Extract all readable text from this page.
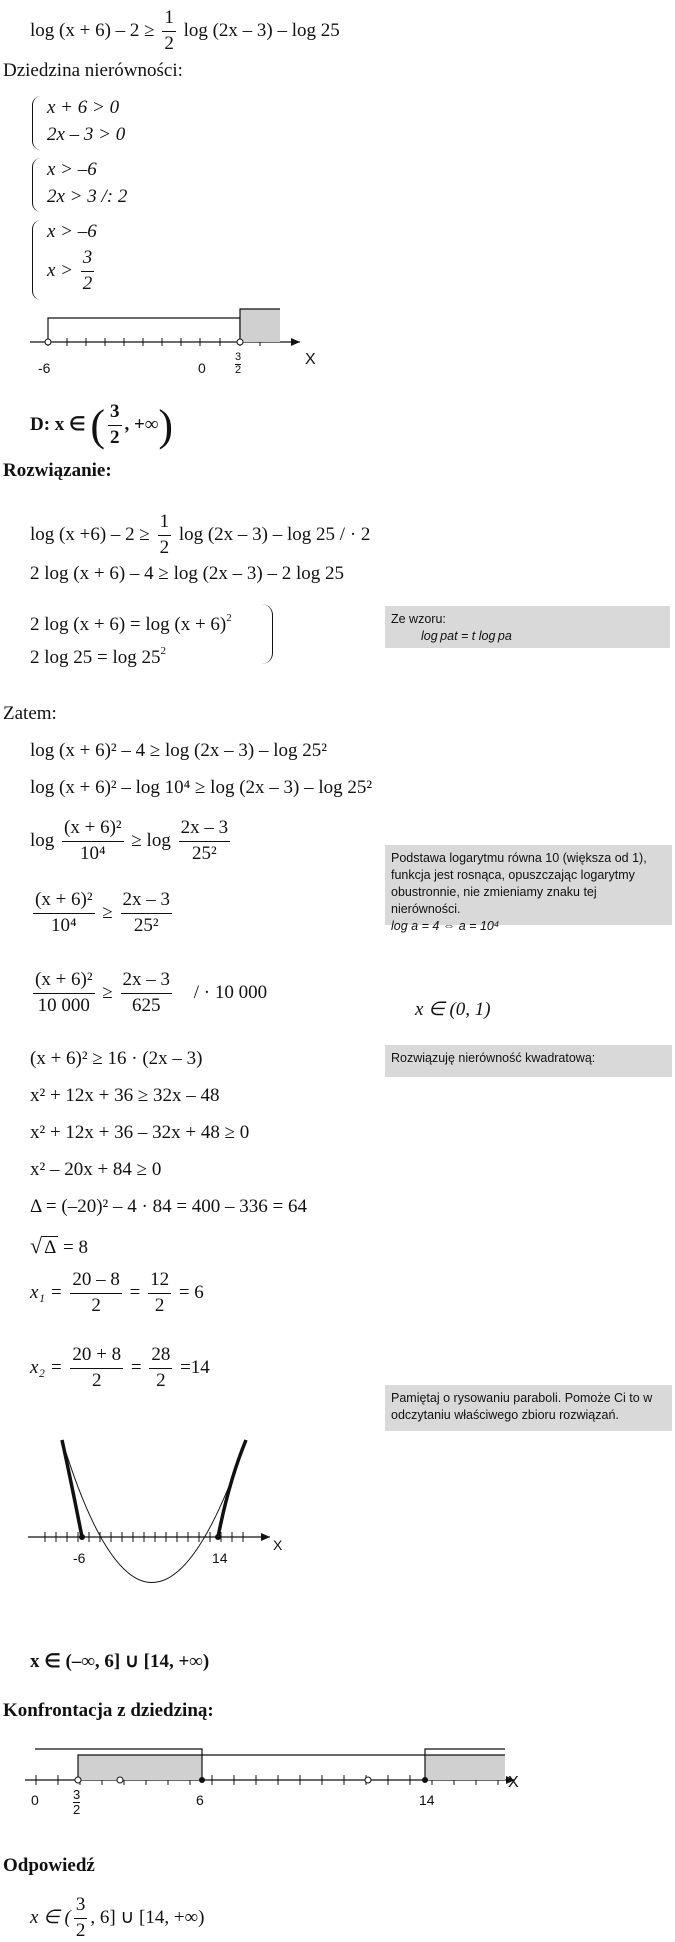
$\log (x + 6) - 2 \ge \frac{1}{2}$ log (2x – 3) – log 25
Dziedzina nierówności:
x + 6 > 0
2x – 3 > 0
x > –6
2x > 3 /: 2
x > –6
$x > \frac{3}{2}$
X
-6	0	$\frac{3}{2}$
D: x ∈ ( $\frac{3}{2}$ , +∞)
Rozwiązanie:
$\log (x +6) - 2 \ge \frac{1}{2}$ log (2x – 3) – log 25 / · 2
2 log (x + 6) – 4 ≥ log (2x – 3) – 2 log 25
2 $\log (x + 6) = \log (x + 6)^2$
2 $\log 25 = \log 25^2$
Ze wzoru:
log pat = t log pa
Zatem:
log (x + 6)² – 4 ≥ log (2x – 3) – log 25²
log (x + 6)² – log 10⁴ ≥ log (2x – 3) – log 25²
$\log \frac{\text{(x + 6)²}}{\text{10⁴}} \ge \log \frac{2x - 3}{\text{25²}}$
$\frac{\text{(x + 6)²}}{\text{10⁴}} \ge \frac{2x - 3}{\text{25²}}$
Podstawa logarytmu równa 10 (większa od 1), funkcja jest rosnąca, opuszczając logarytmy obustronnie, nie zmieniamy znaku tej nierówności.
log a = 4 ⇔ a = 10⁴
$\frac{\text{(x + 6)²}}{10 000} \ge \frac{2x - 3}{625}$ / · 10 000
x ∈ (0, 1)
(x + 6)² ≥ 16 · (2x – 3)	Rozwiązuję nierówność kwadratową:
x² + 12x + 36 ≥ 32x – 48
x² + 12x + 36 – 32x + 48 ≥ 0
x² – 20x + 84 ≥ 0
Δ = (–20)² – 4 · 84 = 400 – 336 = 64
√ Δ = 8
$x_1 = \frac{20 - 8}{2} = \frac{12}{2} = 6$
$x_2 = \frac{20 + 8}{2} = \frac{28}{2} =14$
Pamiętaj o rysowaniu paraboli. Pomoże Ci to w odczytaniu właściwego zbioru rozwiązań.
X
-6	14
x ∈ (–∞, 6] ∪ [14, +∞)
Konfrontacja z dziedziną:
X
0	$\frac{3}{2}$	6	14
Odpowiedź
x ∈ ( $\frac{3}{2}$ , 6] ∪ [14, +∞)
